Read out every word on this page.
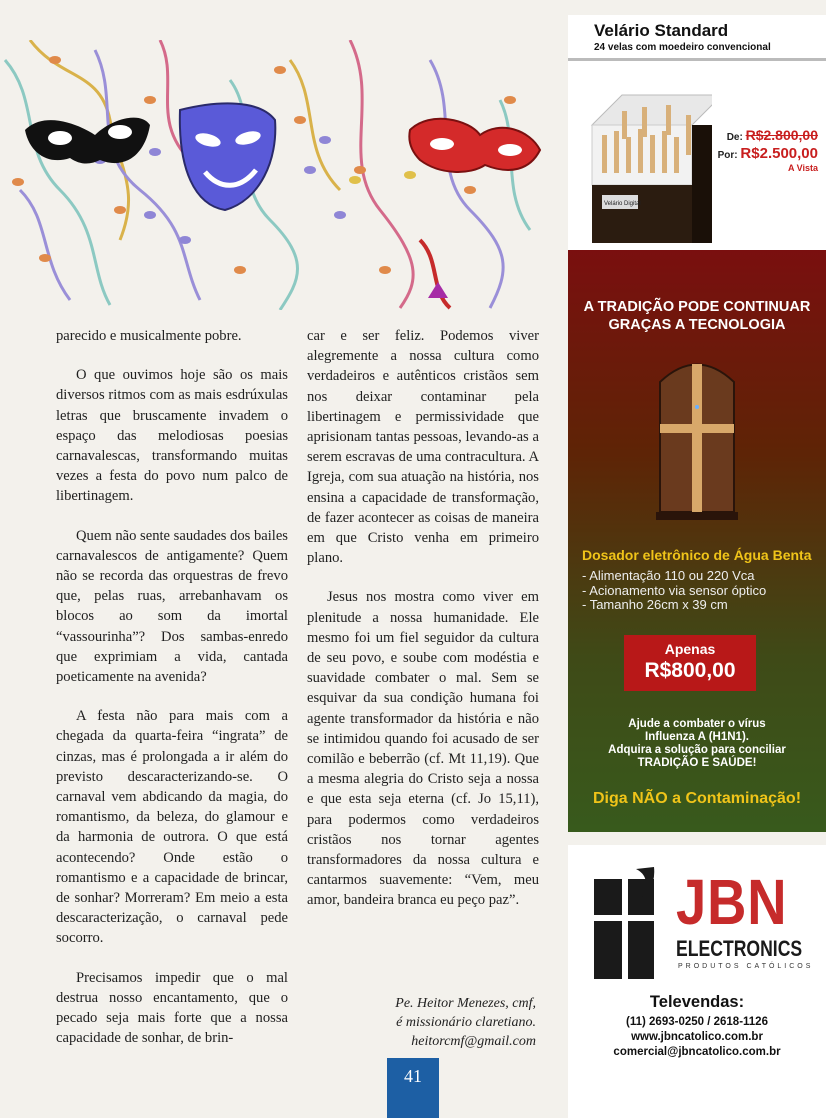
parecido e musicalmente pobre.

O que ouvimos hoje são os mais diversos ritmos com as mais esdrúxulas letras que bruscamente invadem o espaço das melodiosas poesias carnavalescas, transformando muitas vezes a festa do povo num palco de libertinagem.

Quem não sente saudades dos bailes carnavalescos de antigamente? Quem não se recorda das orquestras de frevo que, pelas ruas, arrebanhavam os blocos ao som da imortal “vassourinha”? Dos sambas-enredo que exprimiam a vida, cantada poeticamente na avenida?

A festa não para mais com a chegada da quarta-feira “ingrata” de cinzas, mas é prolongada a ir além do previsto descaracterizando-se. O carnaval vem abdicando da magia, do romantismo, da beleza, do glamour e da harmonia de outrora. O que está acontecendo? Onde estão o romantismo e a capacidade de brincar, de sonhar? Morreram? Em meio a esta descaracterização, o carnaval pede socorro.

Precisamos impedir que o mal destrua nosso encantamento, que o pecado seja mais forte que a nossa capacidade de sonhar, de brin-

car e ser feliz. Podemos viver alegremente a nossa cultura como verdadeiros e autênticos cristãos sem nos deixar contaminar pela libertinagem e permissividade que aprisionam tantas pessoas, levando-as a serem escravas de uma contracultura. A Igreja, com sua atuação na história, nos ensina a capacidade de transformação, de fazer acontecer as coisas de maneira em que Cristo venha em primeiro plano.

Jesus nos mostra como viver em plenitude a nossa humanidade. Ele mesmo foi um fiel seguidor da cultura de seu povo, e soube com modéstia e suavidade combater o mal. Sem se esquivar da sua condição humana foi agente transformador da história e não se intimidou quando foi acusado de ser comilão e beberrão (cf. Mt 11,19). Que a mesma alegria do Cristo seja a nossa e que esta seja eterna (cf. Jo 15,11), para podermos como verdadeiros cristãos nos tornar agentes transformadores da nossa cultura e cantarmos suavemente: “Vem, meu amor, bandeira branca eu peço paz”.

Pe. Heitor Menezes, cmf,
é missionário claretiano.
heitorcmf@gmail.com
41
Velário Standard
24 velas com moedeiro convencional
Velário Digital
De: R$2.800,00
Por: R$2.500,00
A Vista
A TRADIÇÃO PODE CONTINUAR
GRAÇAS A TECNOLOGIA
Dosador eletrônico de Água Benta
- Alimentação 110 ou 220 Vca
- Acionamento via sensor óptico
- Tamanho 26cm x 39 cm
Apenas
R$800,00
Ajude a combater o vírus
Influenza A (H1N1).
Adquira a solução para conciliar
TRADIÇÃO E SAÚDE!
Diga NÃO a Contaminação!
JBN
ELECTRONICS
PRODUTOS CATÓLICOS
Televendas:
(11) 2693-0250 / 2618-1126
www.jbncatolico.com.br
comercial@jbncatolico.com.br
